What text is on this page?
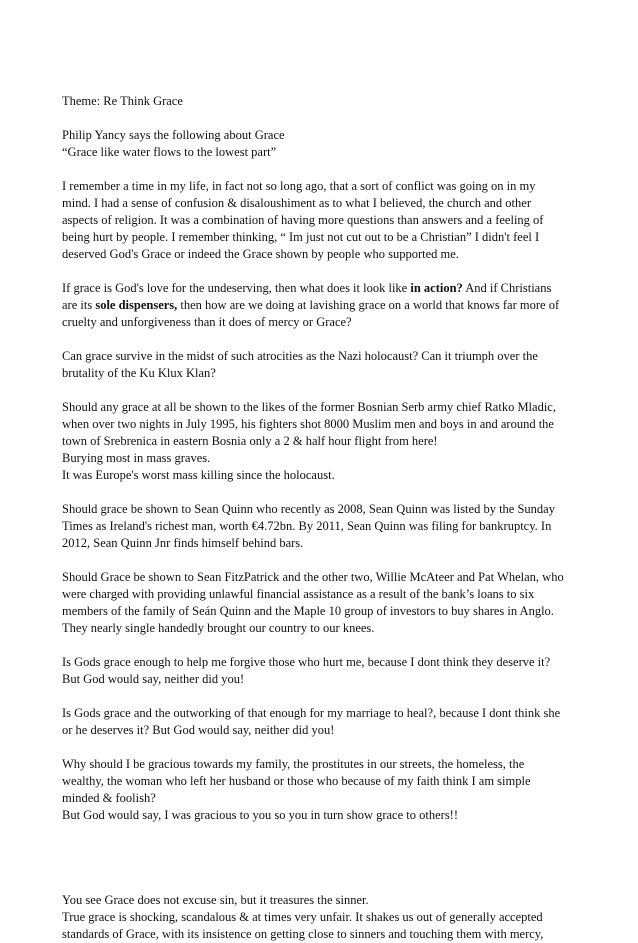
Theme: Re Think Grace

Philip Yancy says the following about Grace
“Grace like water flows to the lowest part”

I remember a time in my life, in fact not so long ago, that a sort of conflict was going on in my
mind. I had a sense of confusion & disaloushiment as to what I believed, the church and other
aspects of religion. It was a combination of having more questions than answers and a feeling of
being hurt by people. I remember thinking, “ Im just not cut out to be a Christian” I didn't feel I
deserved God's Grace or indeed the Grace shown by people who supported me.

If grace is God's love for the undeserving, then what does it look like in action? And if Christians
are its sole dispensers, then how are we doing at lavishing grace on a world that knows far more of
cruelty and unforgiveness than it does of mercy or Grace?

Can grace survive in the midst of such atrocities as the Nazi holocaust? Can it triumph over the
brutality of the Ku Klux Klan?

Should any grace at all be shown to the likes of the former Bosnian Serb army chief Ratko Mladic,
when over two nights in July 1995, his fighters shot 8000 Muslim men and boys in and around the
town of Srebrenica in eastern Bosnia only a 2 & half hour flight from here!
Burying most in mass graves.
It was Europe's worst mass killing since the holocaust.

Should grace be shown to Sean Quinn who recently as 2008, Sean Quinn was listed by the Sunday
Times as Ireland's richest man, worth €4.72bn. By 2011, Sean Quinn was filing for bankruptcy. In
2012, Sean Quinn Jnr finds himself behind bars.

Should Grace be shown to Sean FitzPatrick and the other two, Willie McAteer and Pat Whelan, who
were charged with providing unlawful financial assistance as a result of the bank’s loans to six
members of the family of Seán Quinn and the Maple 10 group of investors to buy shares in Anglo.
They nearly single handedly brought our country to our knees.

Is Gods grace enough to help me forgive those who hurt me, because I dont think they deserve it?
But God would say, neither did you!

Is Gods grace and the outworking of that enough for my marriage to heal?, because I dont think she
or he deserves it? But God would say, neither did you!

Why should I be gracious towards my family, the prostitutes in our streets, the homeless, the
wealthy, the woman who left her husband or those who because of my faith think I am simple
minded & foolish?
But God would say, I was gracious to you so you in turn show grace to others!!

You see Grace does not excuse sin, but it treasures the sinner.
True grace is shocking, scandalous & at times very unfair. It shakes us out of generally accepted
standards of Grace, with its insistence on getting close to sinners and touching them with mercy,
